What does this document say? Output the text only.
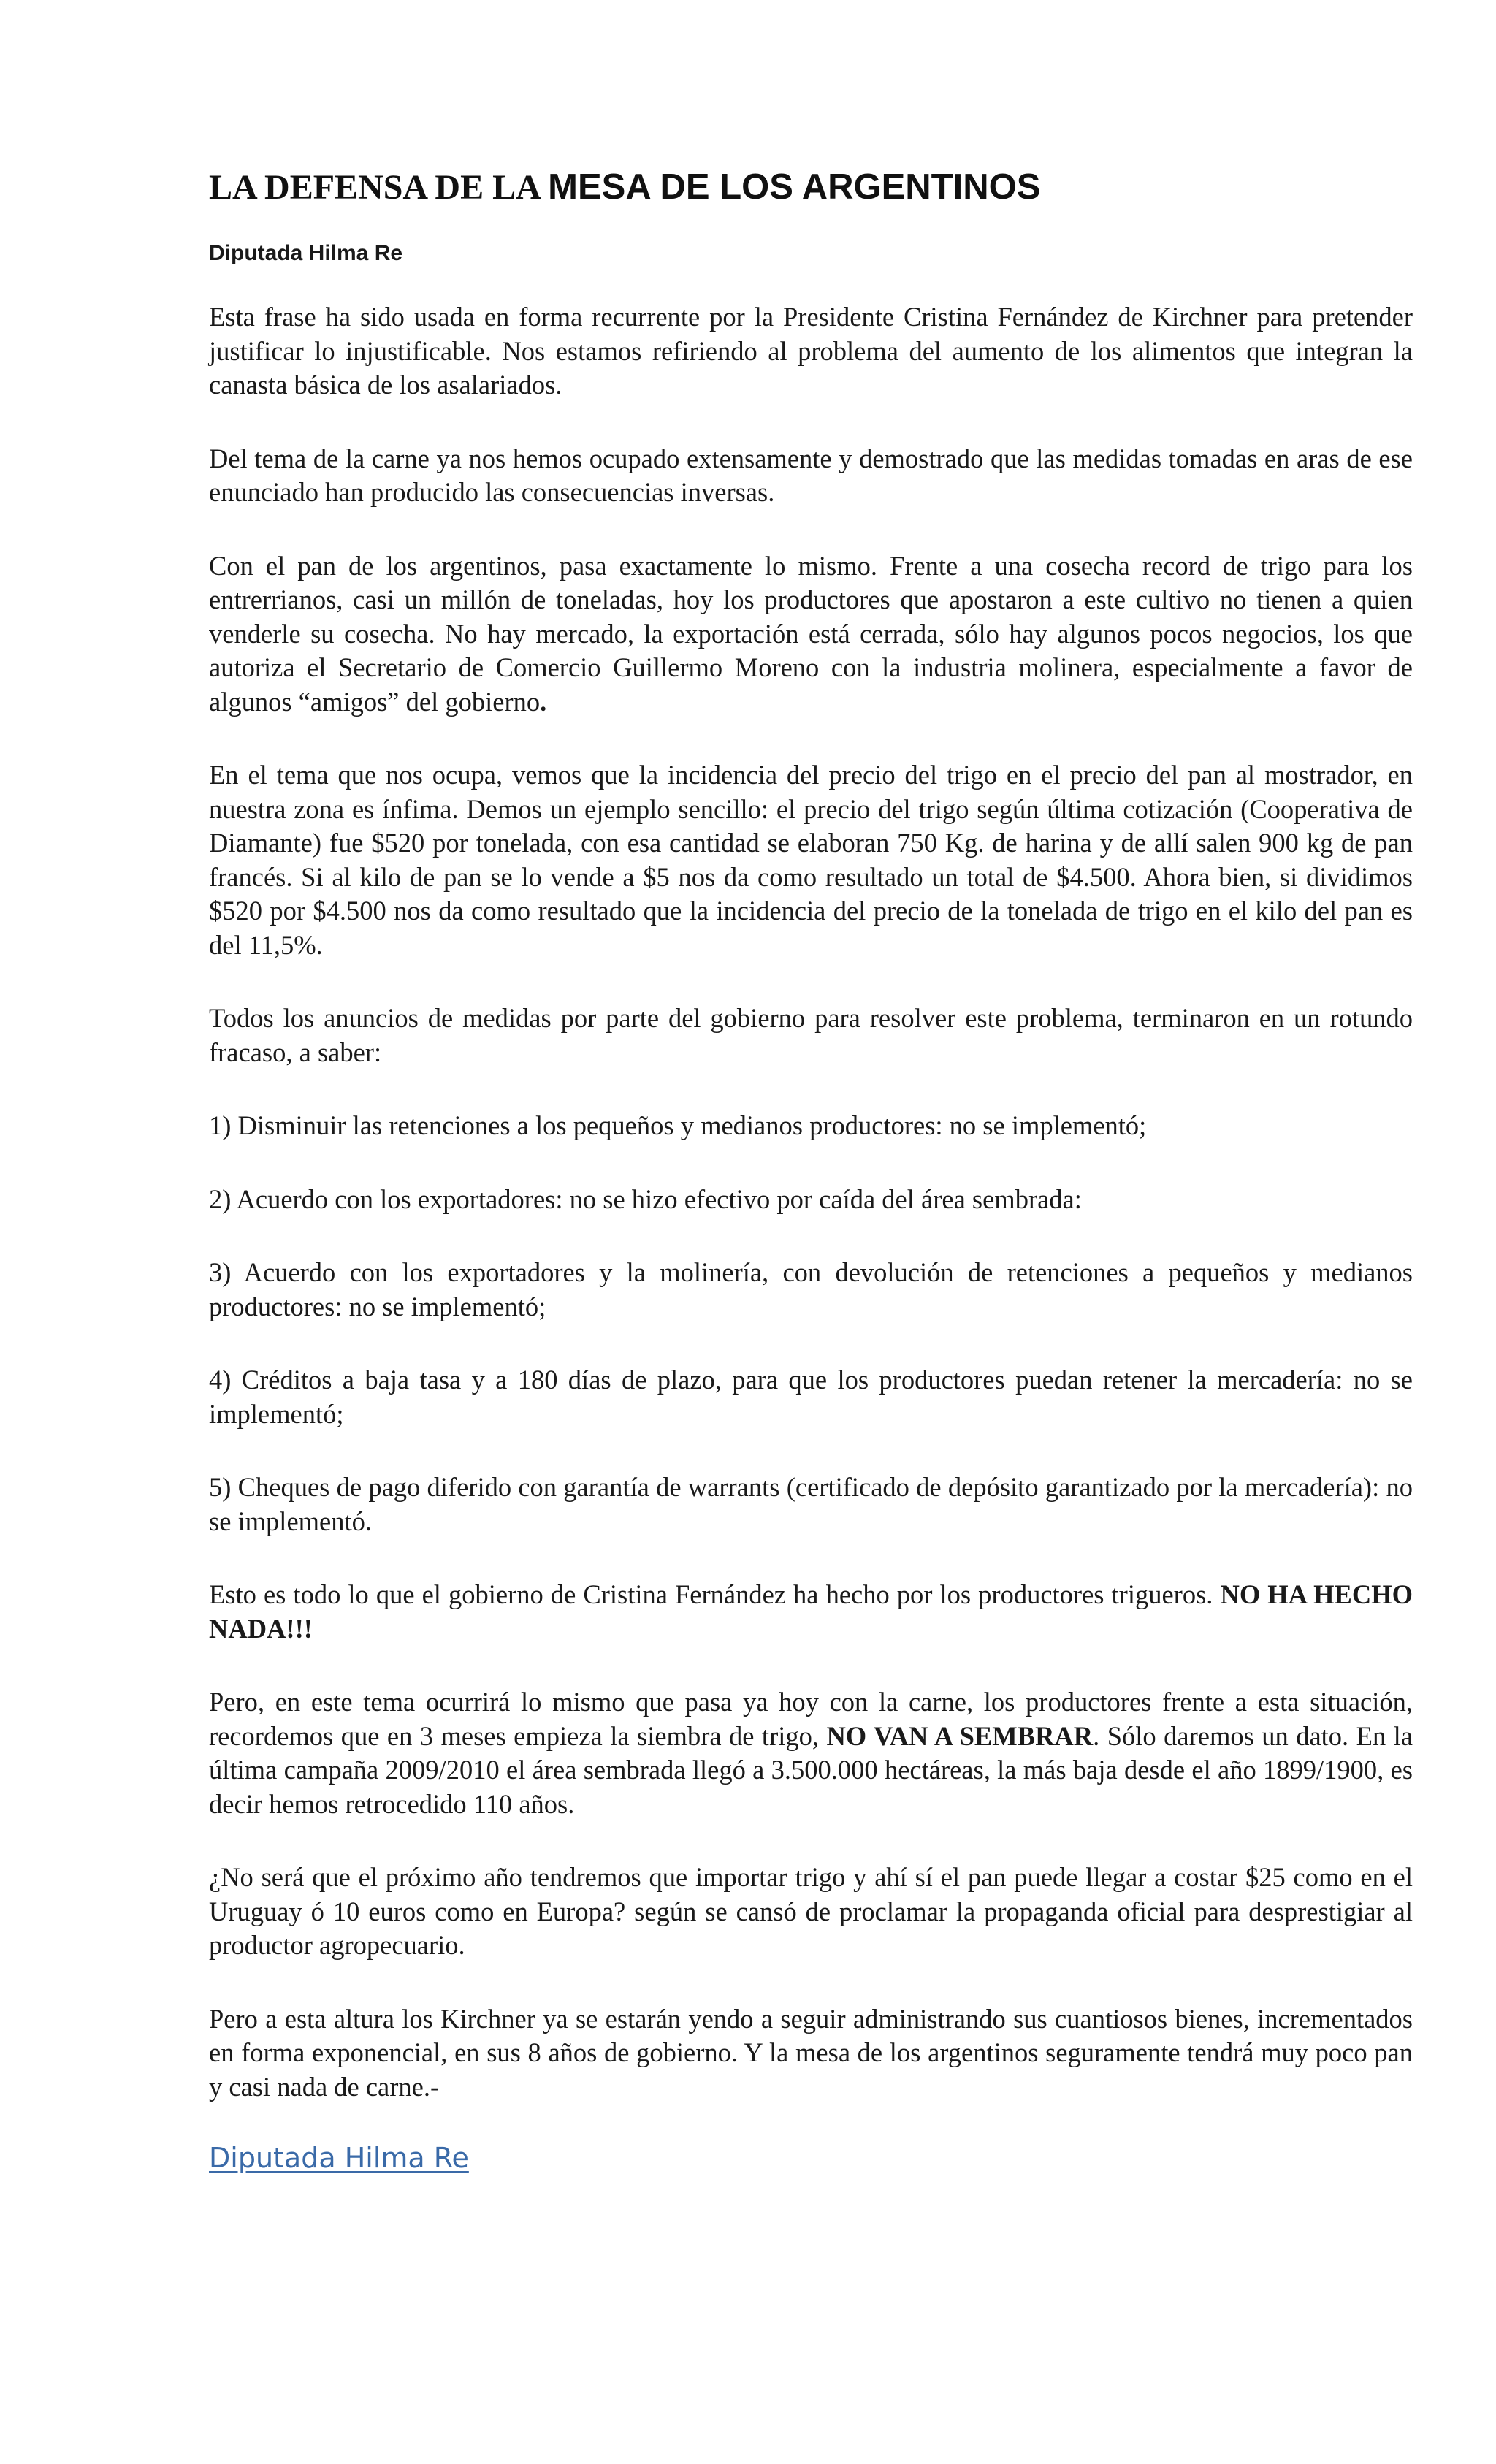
LA DEFENSA DE LA MESA DE LOS ARGENTINOS

Diputada Hilma Re

Esta frase ha sido usada en forma recurrente por la Presidente Cristina Fernández de Kirchner para pretender justificar lo injustificable. Nos estamos refiriendo al problema del aumento de los alimentos que integran la canasta básica de los asalariados.

Del tema de la carne ya nos hemos ocupado extensamente y demostrado que las medidas tomadas en aras de ese enunciado han producido las consecuencias inversas.

Con el pan de los argentinos, pasa exactamente lo mismo. Frente a una cosecha record de trigo para los entrerrianos, casi un millón de toneladas, hoy los productores que apostaron a este cultivo no tienen a quien venderle su cosecha. No hay mercado, la exportación está cerrada, sólo hay algunos pocos negocios, los que autoriza el Secretario de Comercio Guillermo Moreno con la industria molinera, especialmente a favor de algunos “amigos” del gobierno.

En el tema que nos ocupa, vemos que la incidencia del precio del trigo en el precio del pan al mostrador, en nuestra zona es ínfima. Demos un ejemplo sencillo: el precio del trigo según última cotización (Cooperativa de Diamante) fue $520 por tonelada, con esa cantidad se elaboran 750 Kg. de harina y de allí salen 900 kg de pan francés. Si al kilo de pan se lo vende a $5 nos da como resultado un total de $4.500. Ahora bien, si dividimos $520 por $4.500 nos da como resultado que la incidencia del precio de la tonelada de trigo en el kilo del pan es del 11,5%.

Todos los anuncios de medidas por parte del gobierno para resolver este problema, terminaron en un rotundo fracaso, a saber:

1) Disminuir las retenciones a los pequeños y medianos productores: no se implementó;

2) Acuerdo con los exportadores: no se hizo efectivo por caída del área sembrada:

3) Acuerdo con los exportadores y la molinería, con devolución de retenciones a pequeños y medianos productores: no se implementó;

4) Créditos a baja tasa y a 180 días de plazo, para que los productores puedan retener la mercadería: no se implementó;

5) Cheques de pago diferido con garantía de warrants (certificado de depósito garantizado por la mercadería): no se implementó.

Esto es todo lo que el gobierno de Cristina Fernández ha hecho por los productores trigueros. NO HA HECHO NADA!!!

Pero, en este tema ocurrirá lo mismo que pasa ya hoy con la carne, los productores frente a esta situación, recordemos que en 3 meses empieza la siembra de trigo, NO VAN A SEMBRAR. Sólo daremos un dato. En la última campaña 2009/2010 el área sembrada llegó a 3.500.000 hectáreas, la más baja desde el año 1899/1900, es decir hemos retrocedido 110 años.

¿No será que el próximo año tendremos que importar trigo y ahí sí el pan puede llegar a costar $25 como en el Uruguay ó 10 euros como en Europa? según se cansó de proclamar la propaganda oficial para desprestigiar al productor agropecuario.

Pero a esta altura los Kirchner ya se estarán yendo a seguir administrando sus cuantiosos bienes, incrementados en forma exponencial, en sus 8 años de gobierno. Y la mesa de los argentinos seguramente tendrá muy poco pan y casi nada de carne.-

Diputada Hilma Re
